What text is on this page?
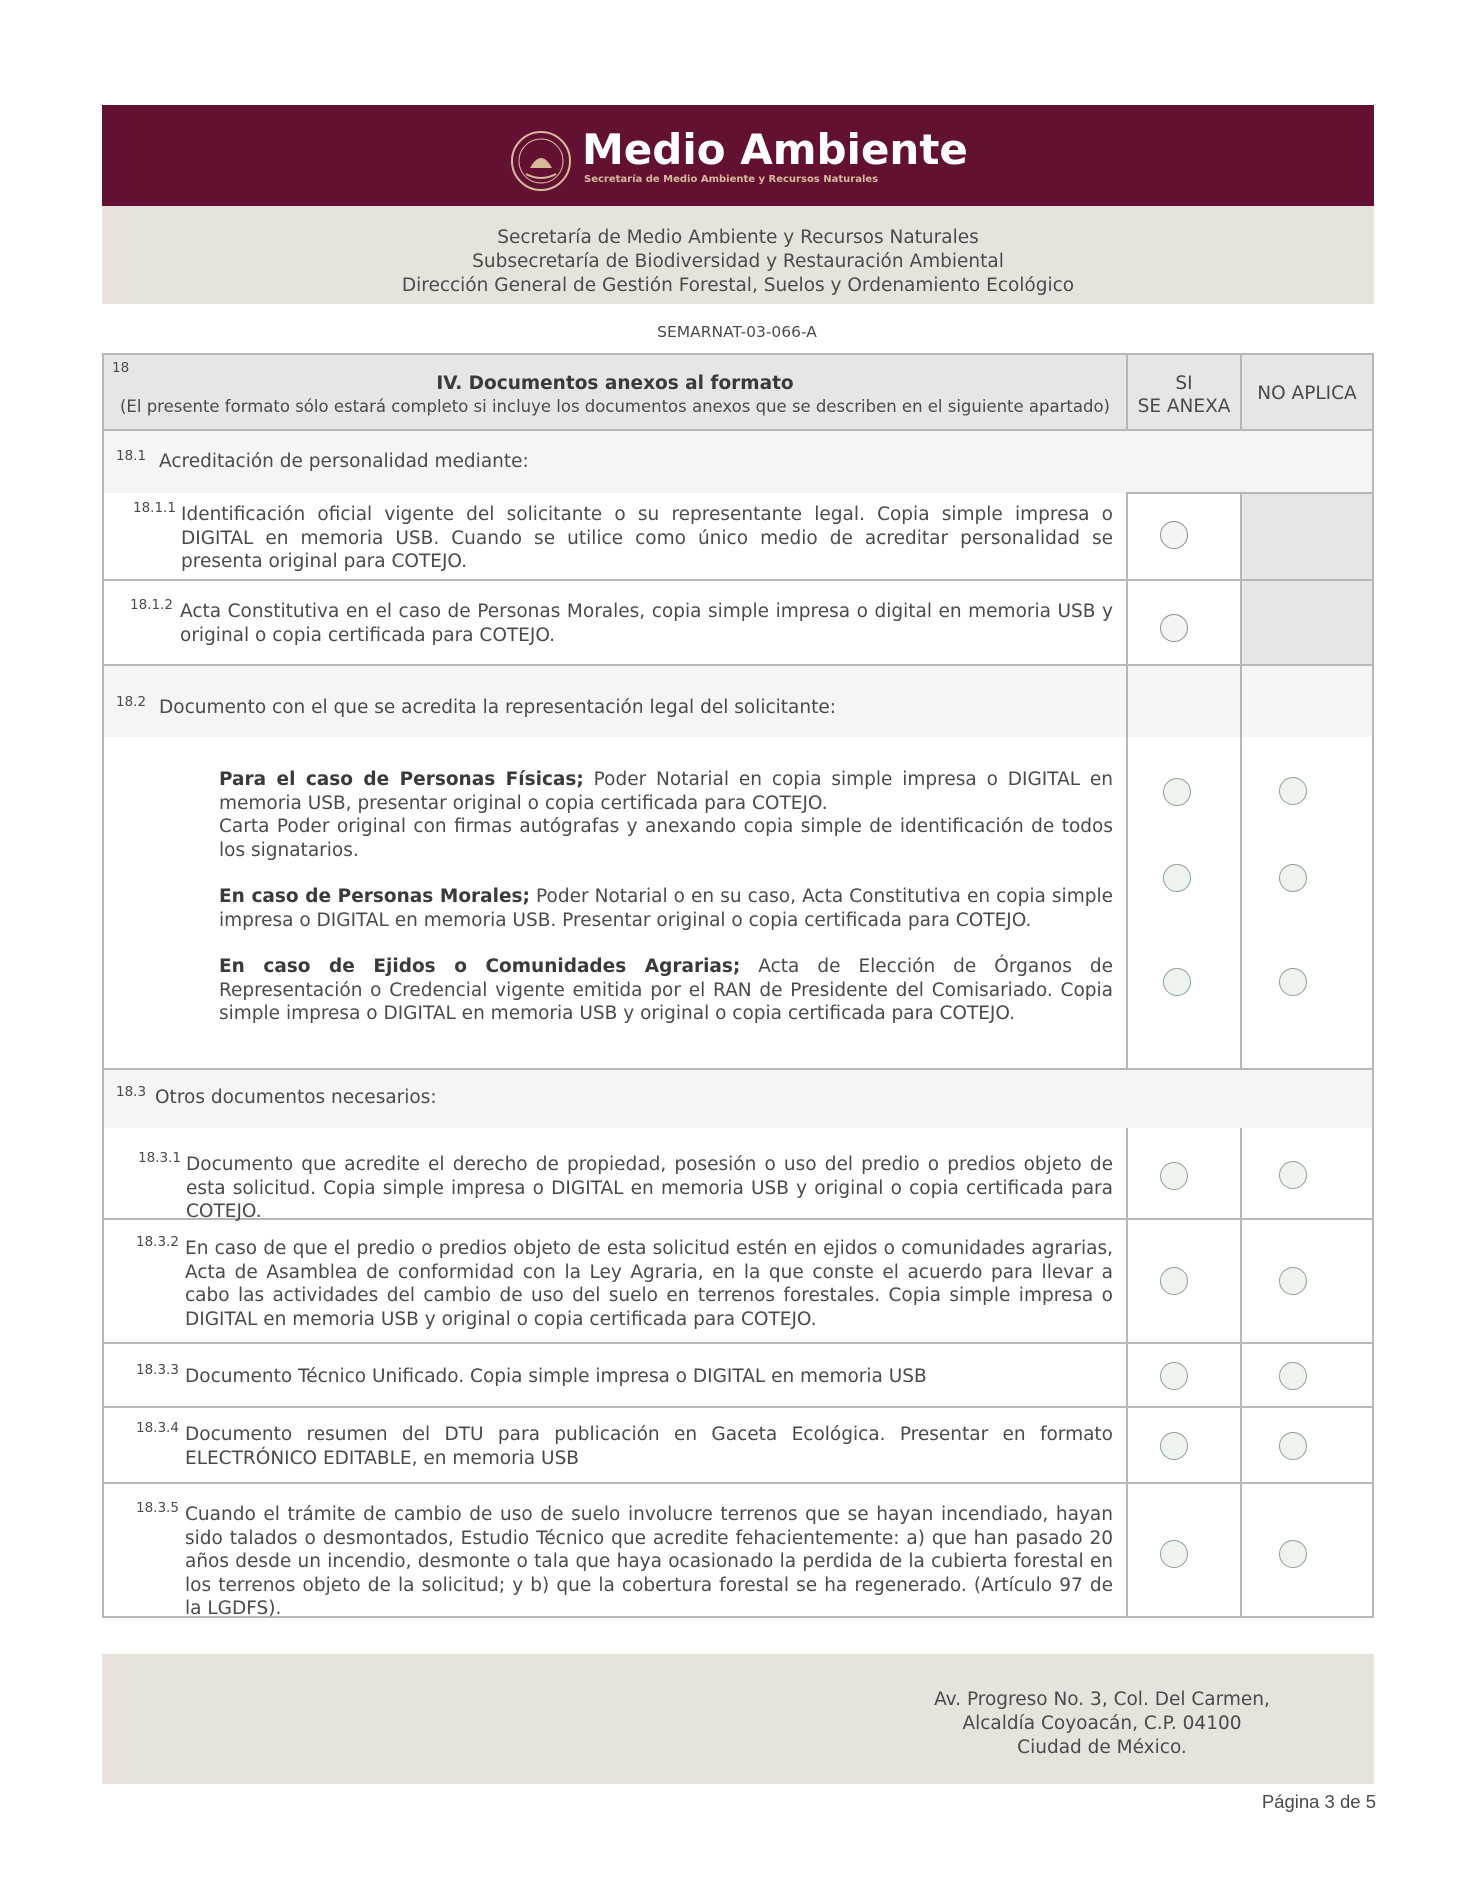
Medio Ambiente
Secretaría de Medio Ambiente y Recursos Naturales
Secretaría de Medio Ambiente y Recursos Naturales
Subsecretaría de Biodiversidad y Restauración Ambiental
Dirección General de Gestión Forestal, Suelos y Ordenamiento Ecológico
SEMARNAT-03-066-A
18
IV. Documentos anexos al formato
(El presente formato sólo estará completo si incluye los documentos anexos que se describen en el siguiente apartado)
SI
SE ANEXA
NO APLICA
18.1 Acreditación de personalidad mediante:
18.1.1 Identificación oficial vigente del solicitante o su representante legal. Copia simple impresa o DIGITAL en memoria USB. Cuando se utilice como único medio de acreditar personalidad se presenta original para COTEJO.
18.1.2 Acta Constitutiva en el caso de Personas Morales, copia simple impresa o digital en memoria USB y original o copia certificada para COTEJO.
18.2 Documento con el que se acredita la representación legal del solicitante:
Para el caso de Personas Físicas; Poder Notarial en copia simple impresa o DIGITAL en memoria USB, presentar original o copia certificada para COTEJO.
Carta Poder original con firmas autógrafas y anexando copia simple de identificación de todos los signatarios.
En caso de Personas Morales; Poder Notarial o en su caso, Acta Constitutiva en copia simple impresa o DIGITAL en memoria USB. Presentar original o copia certificada para COTEJO.
En caso de Ejidos o Comunidades Agrarias; Acta de Elección de Órganos de Representación o Credencial vigente emitida por el RAN de Presidente del Comisariado. Copia simple impresa o DIGITAL en memoria USB y original o copia certificada para COTEJO.
18.3 Otros documentos necesarios:
18.3.1 Documento que acredite el derecho de propiedad, posesión o uso del predio o predios objeto de esta solicitud. Copia simple impresa o DIGITAL en memoria USB y original o copia certificada para COTEJO.
18.3.2 En caso de que el predio o predios objeto de esta solicitud estén en ejidos o comunidades agrarias, Acta de Asamblea de conformidad con la Ley Agraria, en la que conste el acuerdo para llevar a cabo las actividades del cambio de uso del suelo en terrenos forestales. Copia simple impresa o DIGITAL en memoria USB y original o copia certificada para COTEJO.
18.3.3 Documento Técnico Unificado. Copia simple impresa o DIGITAL en memoria USB
18.3.4 Documento resumen del DTU para publicación en Gaceta Ecológica. Presentar en formato ELECTRÓNICO EDITABLE, en memoria USB
18.3.5 Cuando el trámite de cambio de uso de suelo involucre terrenos que se hayan incendiado, hayan sido talados o desmontados, Estudio Técnico que acredite fehacientemente: a) que han pasado 20 años desde un incendio, desmonte o tala que haya ocasionado la perdida de la cubierta forestal en los terrenos objeto de la solicitud; y b) que la cobertura forestal se ha regenerado. (Artículo 97 de la LGDFS).
Av. Progreso No. 3, Col. Del Carmen,
Alcaldía Coyoacán, C.P. 04100
Ciudad de México.
Página 3 de 5
